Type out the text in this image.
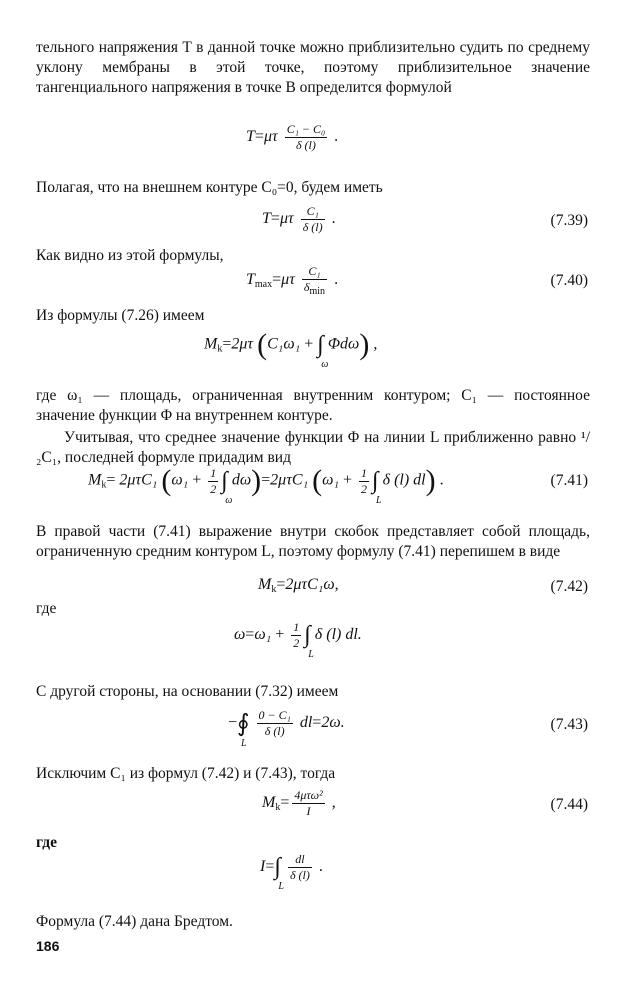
тельного напряжения T в данной точке можно приблизительно судить по среднему уклону мембраны в этой точке, поэтому приблизительное значение тангенциального напряжения в точке B определится формулой
$T=\mu\tau \frac{\text{C₁ − C₀}}{\delta (l)}$ .
Полагая, что на внешнем контуре C₀=0, будем иметь
$T=\mu\tau \frac{\text{C₁}}{\delta (l)}$ .	(7.39)
Как видно из этой формулы,
$T_{max}=\mu\tau \frac{\text{C₁}}{\delta_{min}}$ .	(7.40)
Из формулы (7.26) имеем
$M_k=2\mu\tau$ (C₁ω₁ + ∫
ω
Φdω) ,
где ω₁ — площадь, ограниченная внутренним контуром; C₁ — постоянное значение функции Φ на внутреннем контуре.
Учитывая, что среднее значение функции Φ на линии L приближенно равно ¹/₂C₁, последней формуле придадим вид
$M_k= 2\mu\tau C_1$ ($\omega_1 + \frac{1}{2}$ ∫
ω
dω)=2μτC₁ ($\omega_1 + \frac{1}{2}$ ∫
L
δ (l) dl) .	(7.41)
В правой части (7.41) выражение внутри скобок представляет собой площадь, ограниченную средним контуром L, поэтому формулу (7.41) перепишем в виде
$M_k=2\mu\tau C_1\omega$,	(7.42)
где
$\omega=\omega_1 + \frac{1}{2}$ ∫
L
δ (l) dl.
С другой стороны, на основании (7.32) имеем
−∮
L

$\frac{\text{0 − C₁}}{\delta (l)} dl=2\omega$.	(7.43)
Исключим C₁ из формул (7.42) и (7.43), тогда
$M_k= \frac{\text{4μτω²}}{I}$ ,	(7.44)
где
I=∫
L

$\frac{dl}{\delta (l)}$ .
Формула (7.44) дана Бредтом.
186
